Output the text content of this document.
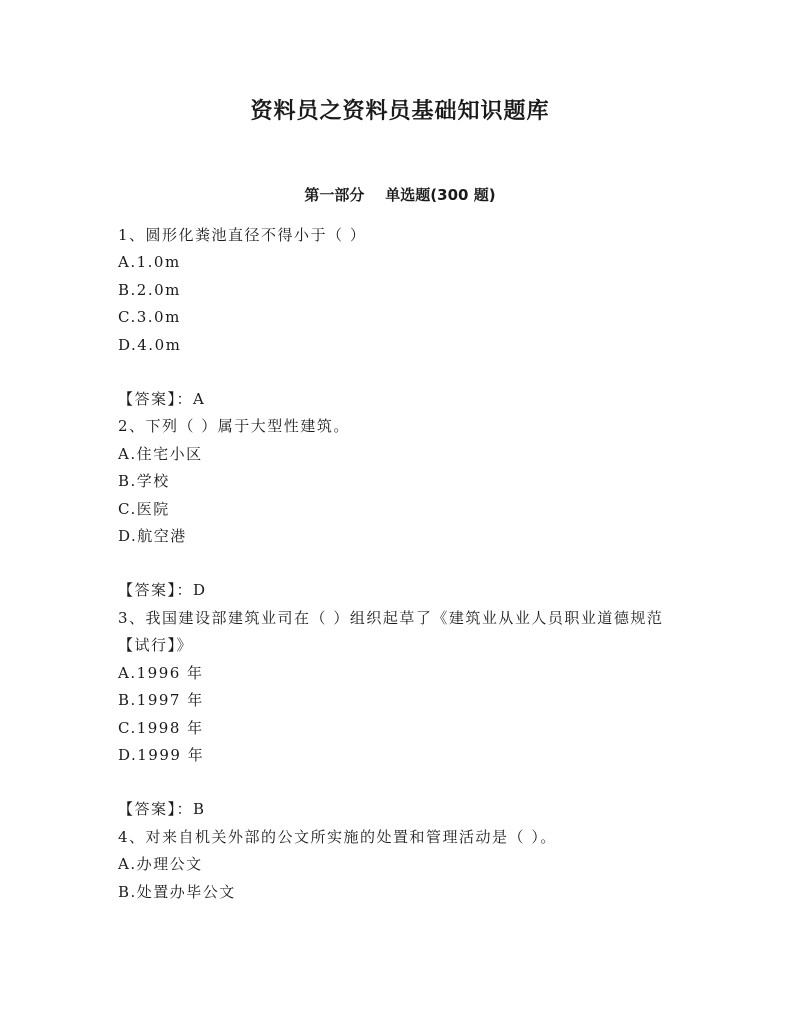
资料员之资料员基础知识题库
第一部分    单选题(300 题)
1、圆形化粪池直径不得小于（ ）
A.1.0m
B.2.0m
C.3.0m
D.4.0m
【答案】：A
2、下列（ ）属于大型性建筑。
A.住宅小区
B.学校
C.医院
D.航空港
【答案】：D
3、我国建设部建筑业司在（ ）组织起草了《建筑业从业人员职业道德规范【试行】》
A.1996 年
B.1997 年
C.1998 年
D.1999 年
【答案】：B
4、对来自机关外部的公文所实施的处置和管理活动是（ ）。
A.办理公文
B.处置办毕公文
